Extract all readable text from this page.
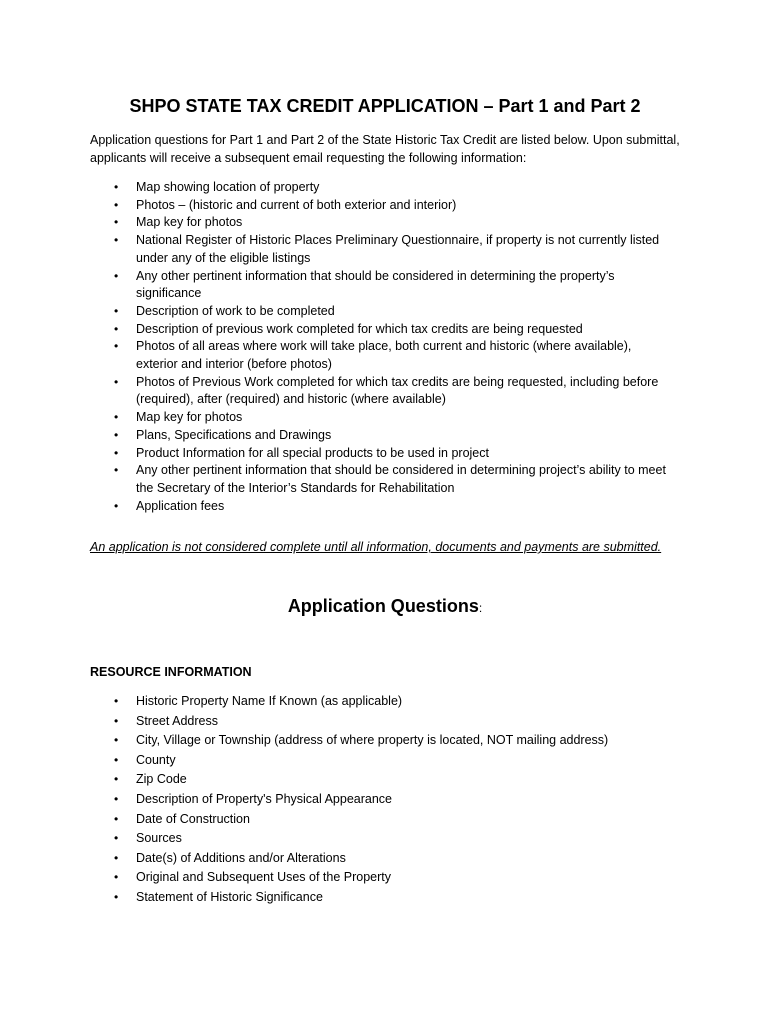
SHPO STATE TAX CREDIT APPLICATION – Part 1 and Part 2

Application questions for Part 1 and Part 2 of the State Historic Tax Credit are listed below. Upon submittal, applicants will receive a subsequent email requesting the following information:

• Map showing location of property
• Photos – (historic and current of both exterior and interior)
• Map key for photos
• National Register of Historic Places Preliminary Questionnaire, if property is not currently listed under any of the eligible listings
• Any other pertinent information that should be considered in determining the property’s significance
• Description of work to be completed
• Description of previous work completed for which tax credits are being requested
• Photos of all areas where work will take place, both current and historic (where available), exterior and interior (before photos)
• Photos of Previous Work completed for which tax credits are being requested, including before (required), after (required) and historic (where available)
• Map key for photos
• Plans, Specifications and Drawings
• Product Information for all special products to be used in project
• Any other pertinent information that should be considered in determining project’s ability to meet the Secretary of the Interior’s Standards for Rehabilitation
• Application fees

An application is not considered complete until all information, documents and payments are submitted.

Application Questions:
RESOURCE INFORMATION
• Historic Property Name If Known (as applicable)
• Street Address
• City, Village or Township (address of where property is located, NOT mailing address)
• County
• Zip Code
• Description of Property's Physical Appearance
• Date of Construction
• Sources
• Date(s) of Additions and/or Alterations
• Original and Subsequent Uses of the Property
• Statement of Historic Significance
